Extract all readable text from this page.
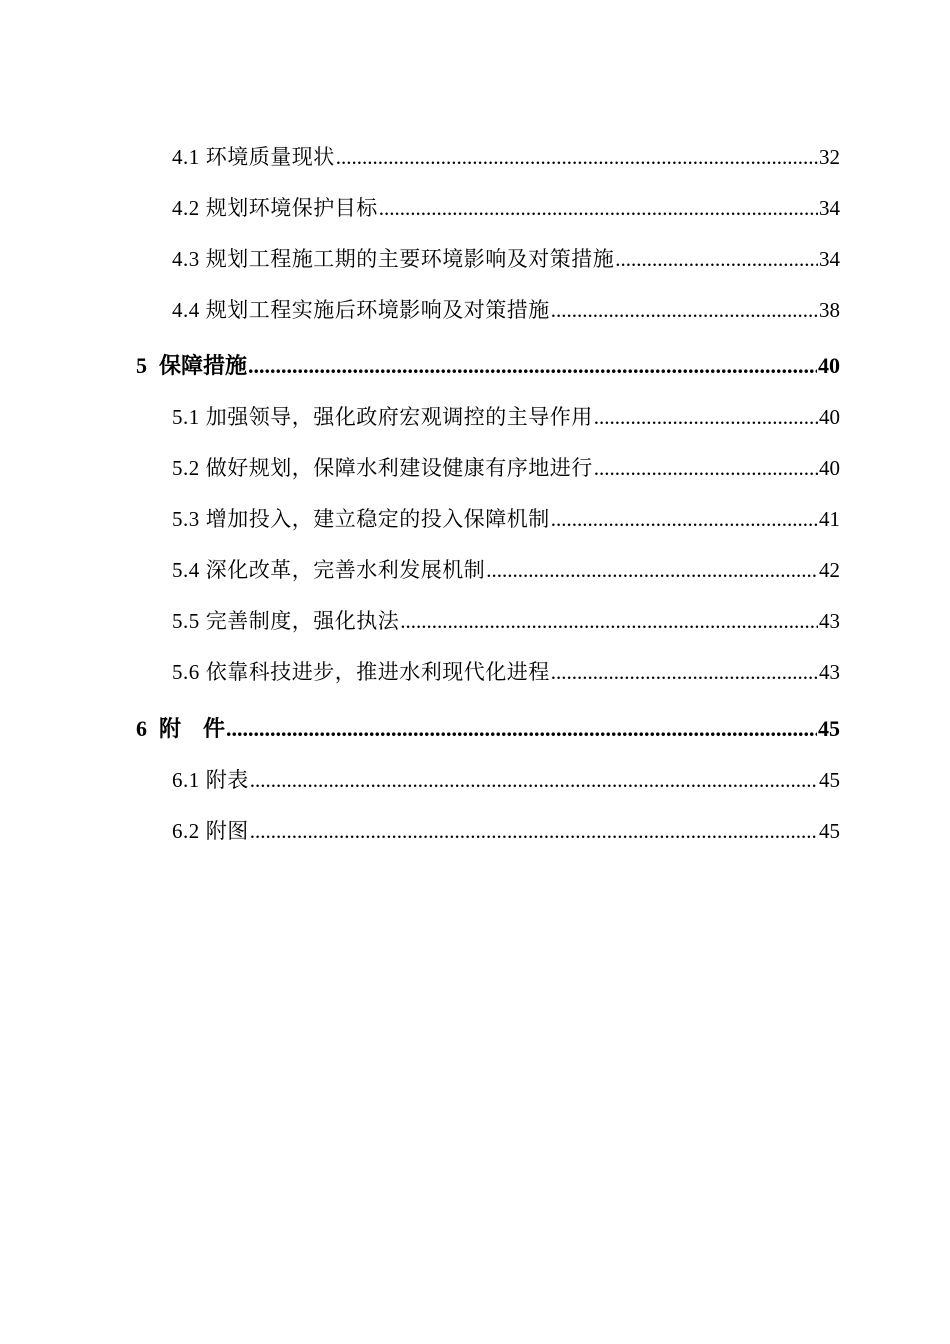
4.1 环境质量现状 .....	32
4.2 规划环境保护目标 .....	34
4.3 规划工程施工期的主要环境影响及对策措施 .....	34
4.4 规划工程实施后环境影响及对策措施 .....	38
5 保障措施 .....	40
5.1 加强领导，强化政府宏观调控的主导作用 .....	40
5.2 做好规划，保障水利建设健康有序地进行 .....	40
5.3 增加投入，建立稳定的投入保障机制 .....	41
5.4 深化改革，完善水利发展机制 .....	42
5.5 完善制度，强化执法 .....	43
5.6 依靠科技进步，推进水利现代化进程 .....	43
6 附　件 .....	45
6.1 附表 .....	45
6.2 附图 .....	45
